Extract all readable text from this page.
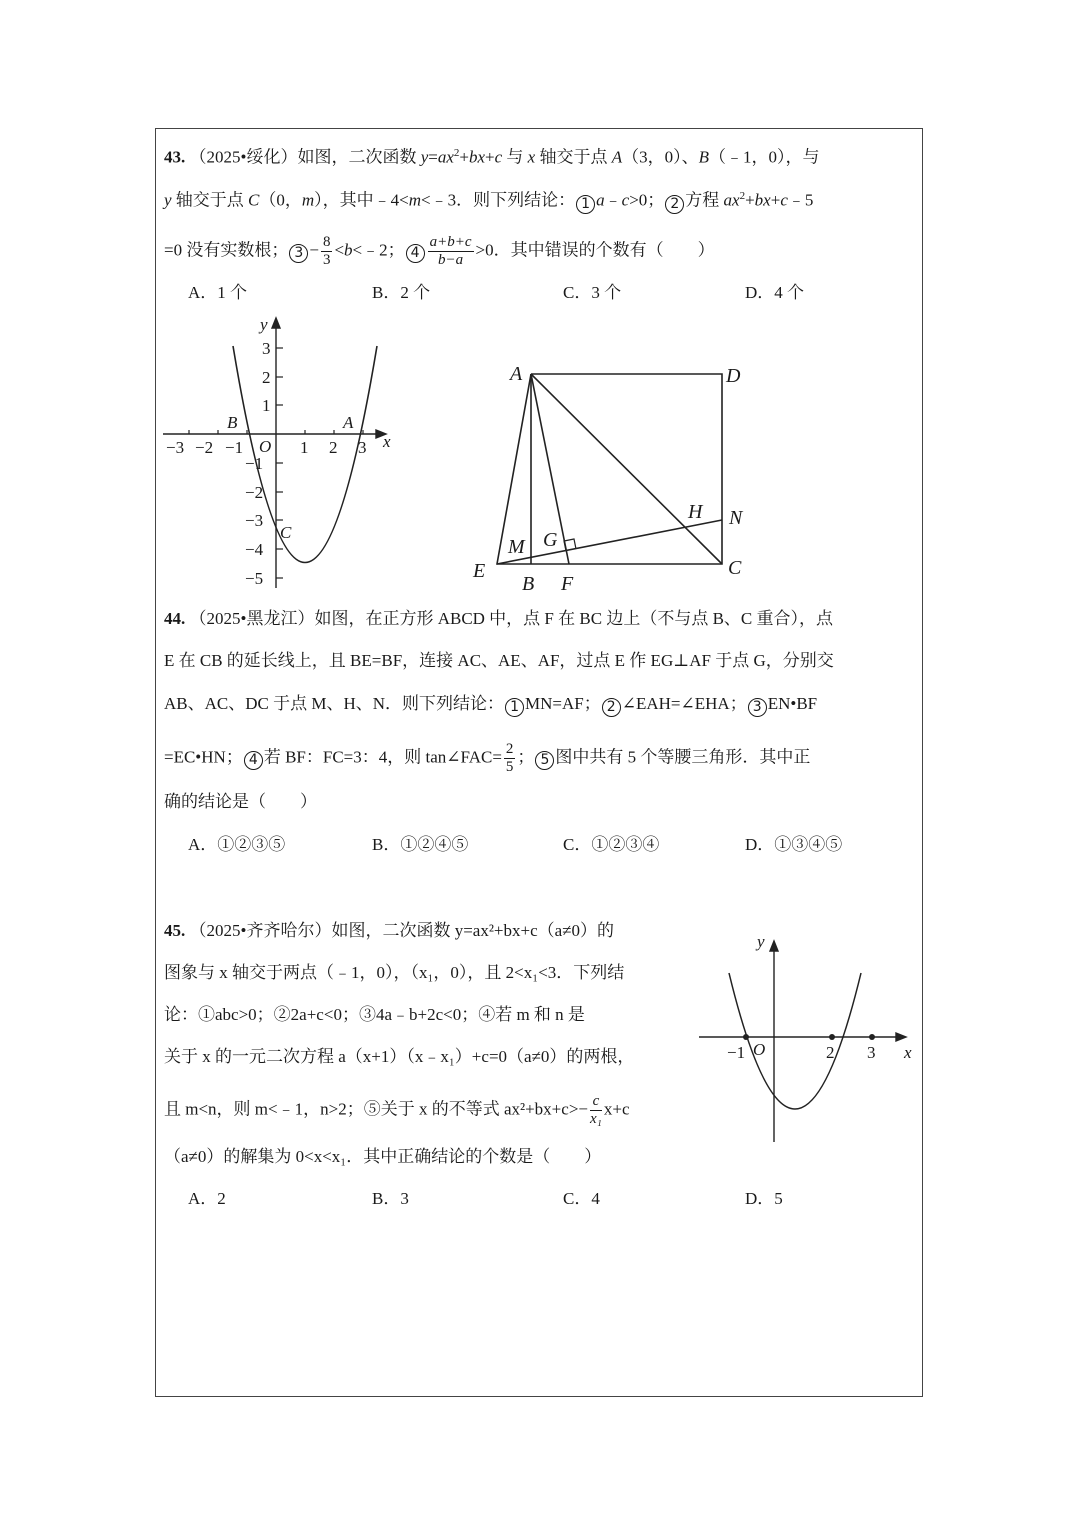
43. （2025•绥化）如图，二次函数 $y=ax^2+bx+c$ 与 x 轴交于点 A（3，0）、B（﹣1，0），与
y 轴交于点 C（0，m），其中﹣4<m<﹣3．则下列结论： 1 a﹣c>0； 2 方程 $ax^2+bx+c﹣5$
=0 没有实数根； $3 - \frac{8}{3}$ <b<﹣2； $4 \frac{a+b+c}{b-a} >0$．其中错误的个数有（　　）
A．1 个	B．2 个	C．3 个	D．4 个
y
x
O
−3 −2 −1	1 2 3
3
2
1
−1
−2
−3
−4
−5
B	A
C
A	D
C
B
E
F
M G
H N
44. （2025•黑龙江）如图，在正方形 ABCD 中，点 F 在 BC 边上（不与点 B、C 重合），点
E 在 CB 的延长线上，且 BE=BF，连接 AC、AE、AF，过点 E 作 EG⊥AF 于点 G，分别交
AB、AC、DC 于点 M、H、N．则下列结论： 1 MN=AF； 2 ∠EAH=∠EHA； 3 EN•BF
=EC•HN； 4 若 BF：FC=3：4，则 tan∠FAC= $\frac{2}{5}$ ； 5 图中共有 5 个等腰三角形．其中正
确的结论是（　　）
A．①②③⑤	B．①②④⑤	C．①②③④	D．①③④⑤
45. （2025•齐齐哈尔）如图，二次函数 y=ax²+bx+c（a≠0）的
图象与 x 轴交于两点（﹣1，0），（x₁，0），且 2<x₁<3．下列结
论：①abc>0；②2a+c<0；③4a﹣b+2c<0；④若 m 和 n 是
关于 x 的一元二次方程 a（x+1）（x﹣x₁）+c=0（a≠0）的两根，
且 m<n，则 m<﹣1，n>2；⑤关于 x 的不等式 $ax^2+bx+c>- \frac{c}{\text{x₁}} x+c$
（a≠0）的解集为 0<x<x₁．其中正确结论的个数是（　　）
A．2	B．3	C．4	D．5
y
x
O
−1	2 3
